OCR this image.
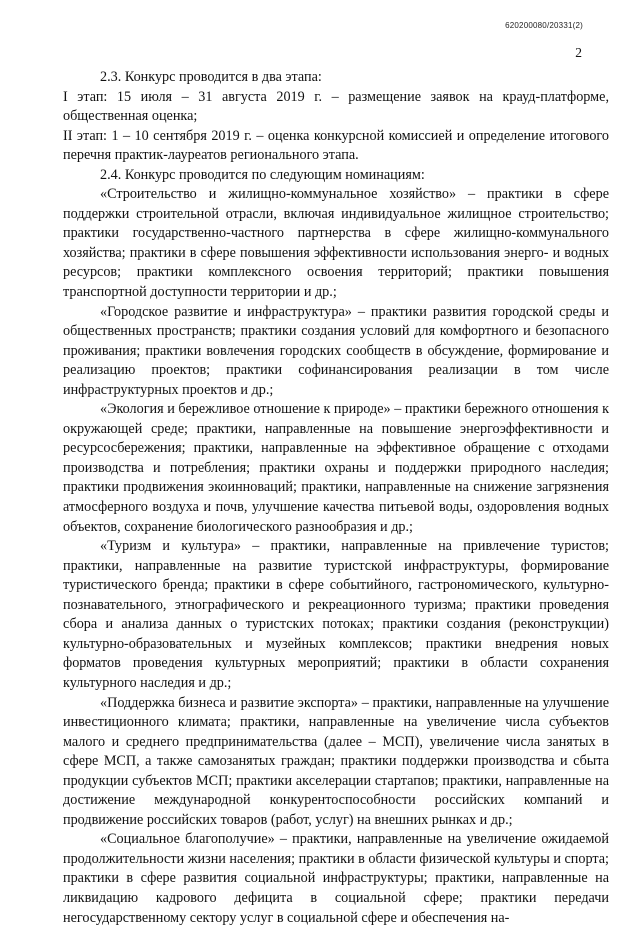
620200080/20331(2)
2

2.3. Конкурс проводится в два этапа:

I этап: 15 июля – 31 августа 2019 г. – размещение заявок на крауд-платформе, общественная оценка;

II этап: 1 – 10 сентября 2019 г. – оценка конкурсной комиссией и определение итогового перечня практик-лауреатов регионального этапа.

2.4. Конкурс проводится по следующим номинациям:

«Строительство и жилищно-коммунальное хозяйство» – практики в сфере поддержки строительной отрасли, включая индивидуальное жилищное строительство; практики государственно-частного партнерства в сфере жилищно-коммунального хозяйства; практики в сфере повышения эффективности использования энерго- и водных ресурсов; практики комплексного освоения территорий; практики повышения транспортной доступности территории и др.;

«Городское развитие и инфраструктура» – практики развития городской среды и общественных пространств; практики создания условий для комфортного и безопасного проживания; практики вовлечения городских сообществ в обсуждение, формирование и реализацию проектов; практики софинансирования реализации в том числе инфраструктурных проектов и др.;

«Экология и бережливое отношение к природе» – практики бережного отношения к окружающей среде; практики, направленные на повышение энергоэффективности и ресурсосбережения; практики, направленные на эффективное обращение с отходами производства и потребления; практики охраны и поддержки природного наследия; практики продвижения экоинноваций; практики, направленные на снижение загрязнения атмосферного воздуха и почв, улучшение качества питьевой воды, оздоровления водных объектов, сохранение биологического разнообразия и др.;

«Туризм и культура» – практики, направленные на привлечение туристов; практики, направленные на развитие туристской инфраструктуры, формирование туристического бренда; практики в сфере событийного, гастрономического, культурно-познавательного, этнографического и рекреационного туризма; практики проведения сбора и анализа данных о туристских потоках; практики создания (реконструкции) культурно-образовательных и музейных комплексов; практики внедрения новых форматов проведения культурных мероприятий; практики в области сохранения культурного наследия и др.;

«Поддержка бизнеса и развитие экспорта» – практики, направленные на улучшение инвестиционного климата; практики, направленные на увеличение числа субъектов малого и среднего предпринимательства (далее – МСП), увеличение числа занятых в сфере МСП, а также самозанятых граждан; практики поддержки производства и сбыта продукции субъектов МСП; практики акселерации стартапов; практики, направленные на достижение международной конкурентоспособности российских компаний и продвижение российских товаров (работ, услуг) на внешних рынках и др.;

«Социальное благополучие» – практики, направленные на увеличение ожидаемой продолжительности жизни населения; практики в области физической культуры и спорта; практики в сфере развития социальной инфраструктуры; практики, направленные на ликвидацию кадрового дефицита в социальной сфере; практики передачи негосударственному сектору услуг в социальной сфере и обеспечения на-
